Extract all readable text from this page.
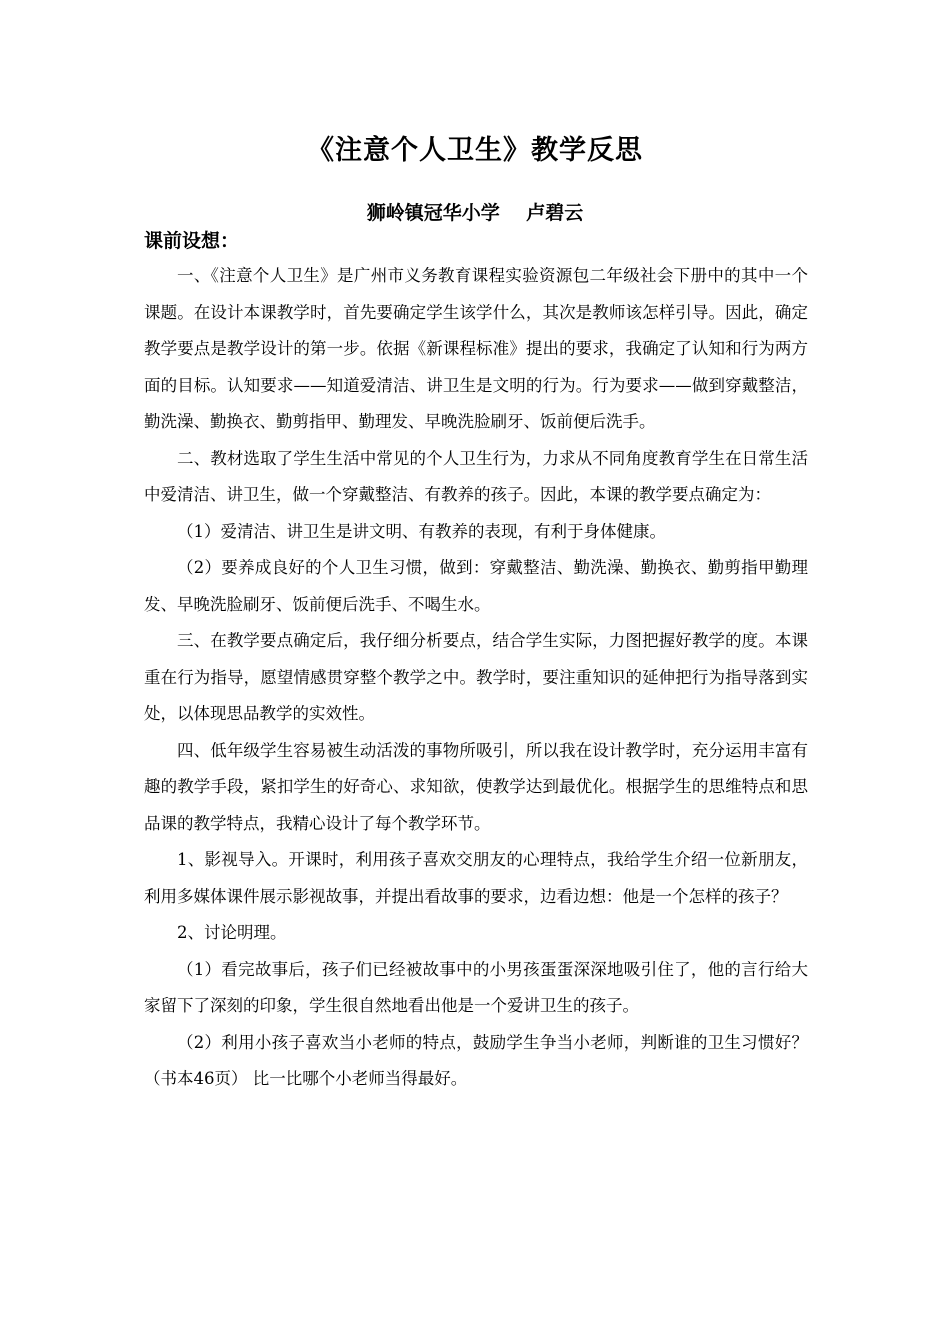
《注意个人卫生》教学反思
狮岭镇冠华小学    卢碧云
课前设想：

一、《注意个人卫生》是广州市义务教育课程实验资源包二年级社会下册中的其中一个课题。在设计本课教学时，首先要确定学生该学什么，其次是教师该怎样引导。因此，确定教学要点是教学设计的第一步。依据《新课程标准》提出的要求，我确定了认知和行为两方面的目标。认知要求——知道爱清洁、讲卫生是文明的行为。行为要求——做到穿戴整洁，勤洗澡、勤换衣、勤剪指甲、勤理发、早晚洗脸刷牙、饭前便后洗手。

二、教材选取了学生生活中常见的个人卫生行为，力求从不同角度教育学生在日常生活中爱清洁、讲卫生，做一个穿戴整洁、有教养的孩子。因此，本课的教学要点确定为：

（1）爱清洁、讲卫生是讲文明、有教养的表现，有利于身体健康。

（2）要养成良好的个人卫生习惯，做到：穿戴整洁、勤洗澡、勤换衣、勤剪指甲勤理发、早晚洗脸刷牙、饭前便后洗手、不喝生水。

三、在教学要点确定后，我仔细分析要点，结合学生实际，力图把握好教学的度。本课重在行为指导，愿望情感贯穿整个教学之中。教学时，要注重知识的延伸把行为指导落到实处，以体现思品教学的实效性。

四、低年级学生容易被生动活泼的事物所吸引，所以我在设计教学时，充分运用丰富有趣的教学手段，紧扣学生的好奇心、求知欲，使教学达到最优化。根据学生的思维特点和思品课的教学特点，我精心设计了每个教学环节。

1、影视导入。开课时，利用孩子喜欢交朋友的心理特点，我给学生介绍一位新朋友，利用多媒体课件展示影视故事，并提出看故事的要求，边看边想：他是一个怎样的孩子？

2、讨论明理。

（1）看完故事后，孩子们已经被故事中的小男孩蛋蛋深深地吸引住了，他的言行给大家留下了深刻的印象，学生很自然地看出他是一个爱讲卫生的孩子。

（2）利用小孩子喜欢当小老师的特点，鼓励学生争当小老师，判断谁的卫生习惯好？（书本46页） 比一比哪个小老师当得最好。
